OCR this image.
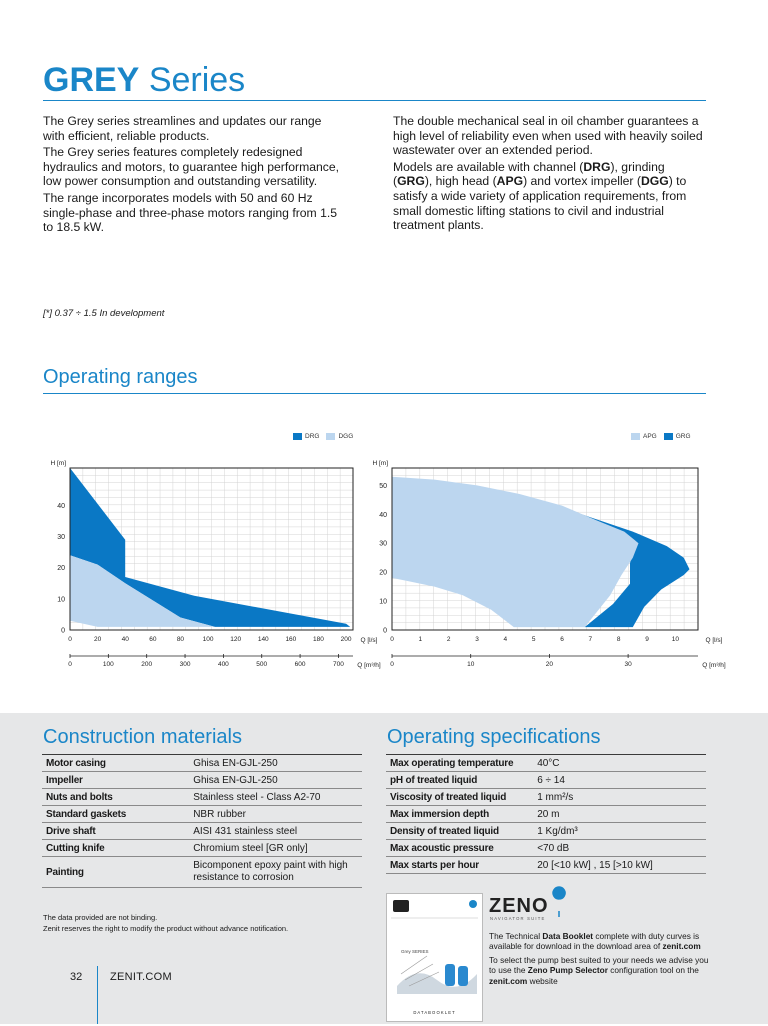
GREY Series

The Grey series streamlines and updates our range with efficient, reliable products.

The Grey series features completely redesigned hydraulics and motors, to guarantee high performance, low power consumption and outstanding versatility.

The range incorporates models with 50 and 60 Hz single-phase and three-phase motors ranging from 1.5 to 18.5 kW.

The double mechanical seal in oil chamber guarantees a high level of reliability even when used with heavily soiled wastewater over an extended period.

Models are available with channel (DRG), grinding (GRG), high head (APG) and vortex impeller (DGG) to satisfy a wide variety of application requirements, from small domestic lifting stations to civil and industrial treatment plants.

[*] 0.37 ÷ 1.5 In development
Operating ranges
DRG	DGG	APG	GRG
0
10
20
30
40
H [m]
0	20	40	60	80	100	120	140	160	180	200 Q [l/s]
0	100	200	300	400	500	600	700 Q [m³/h]
0
10
20
30
40
50
H [m]
0	1	2	3	4	5	6	7	8	9	10	Q [l/s]
0	10	20	30	Q [m³/h]
Construction materials	Operating specifications
Motor casing	Ghisa EN-GJL-250
Impeller	Ghisa EN-GJL-250
Nuts and bolts	Stainless steel - Class A2-70
Standard gaskets	NBR rubber
Drive shaft	AISI 431 stainless steel
Cutting knife	Chromium steel [GR only]
Painting	Bicomponent epoxy paint with high resistance to corrosion
Max operating temperature	40°C
pH of treated liquid	6 ÷ 14
Viscosity of treated liquid	1 mm²/s
Max immersion depth	20 m
Density of treated liquid	1 Kg/dm³
Max acoustic pressure	<70 dB
Max starts per hour	20 [<10 kW] , 15 [>10 kW]
The data provided are not binding.
Zenit reserves the right to modify the product without advance notification.
Grey SERIES
D A T A B O O K L E T
ZENO
NAVIGATOR SUITE

The Technical Data Booklet complete with duty curves is available for download in the download area of zenit.com

To select the pump best suited to your needs we advise you to use the Zeno Pump Selector configuration tool on the zenit.com website

32	ZENIT.COM
